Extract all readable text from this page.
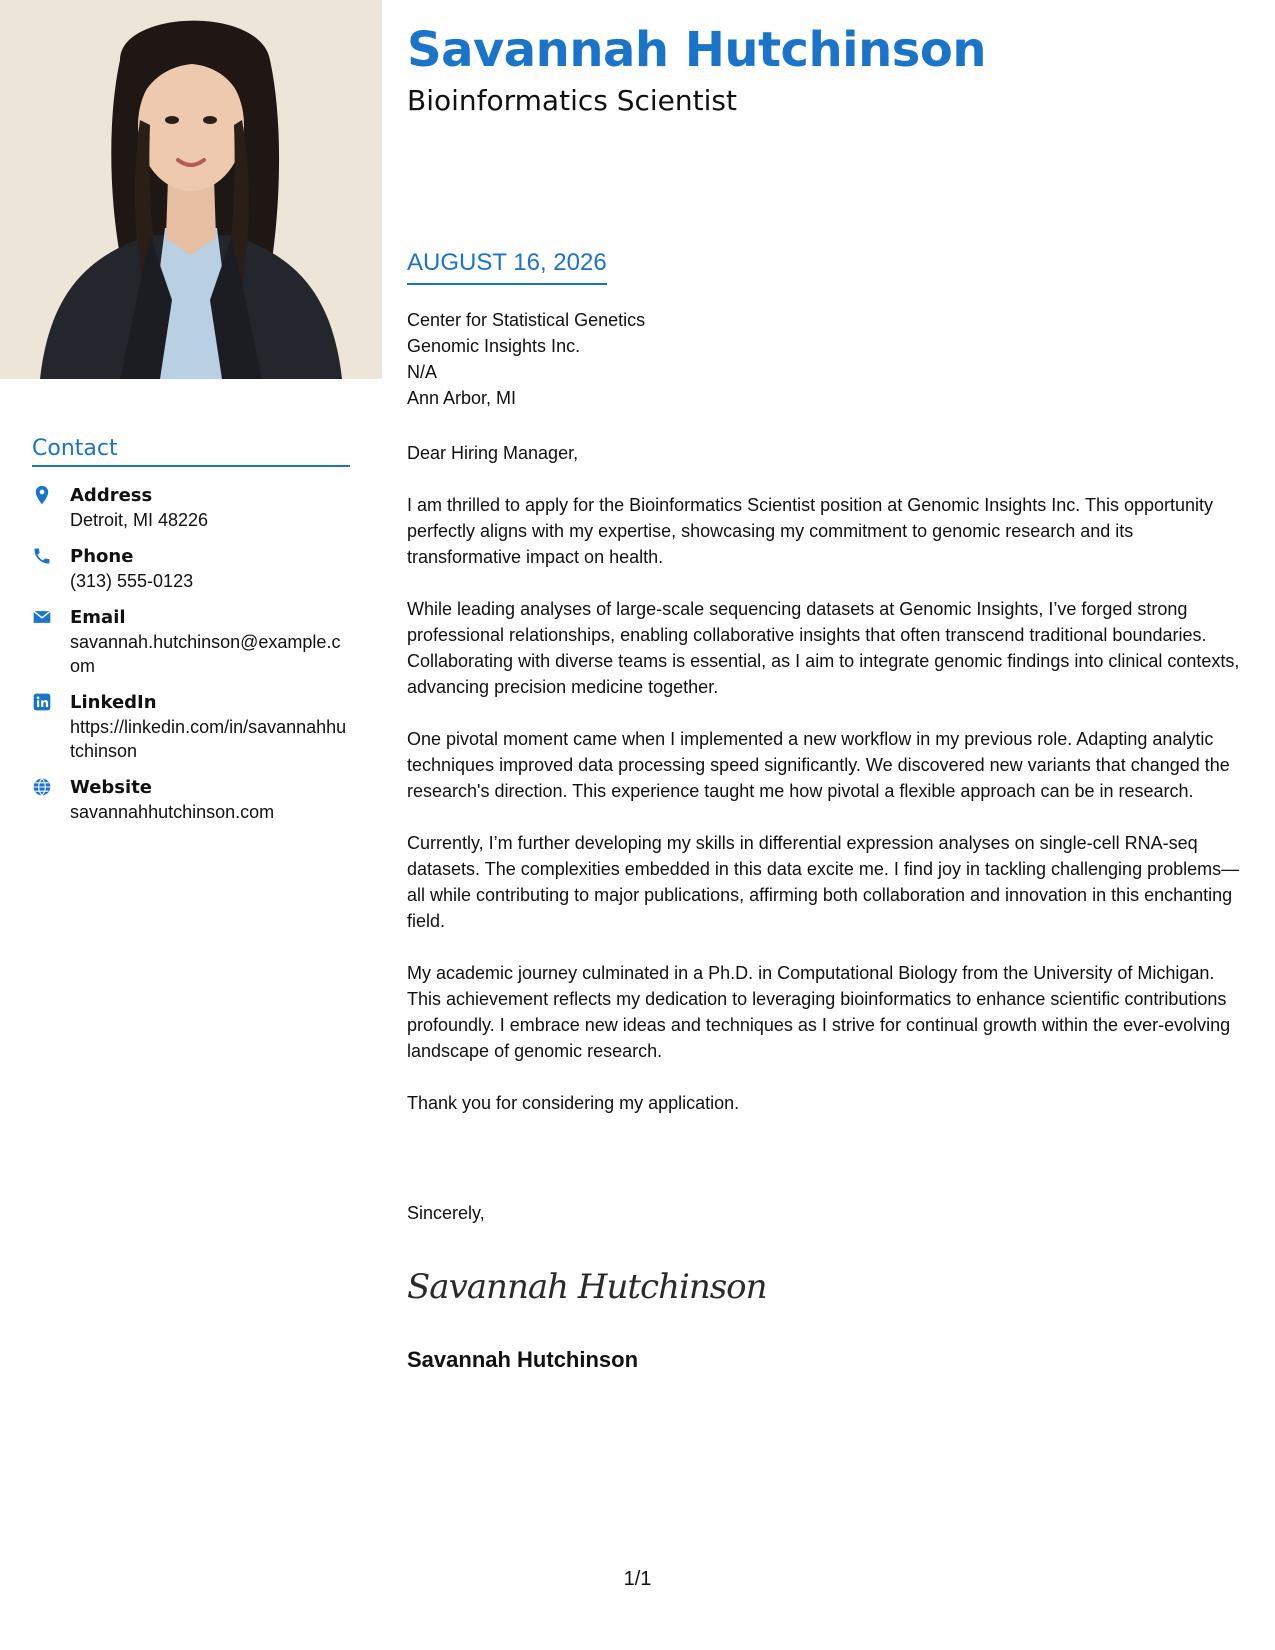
Contact
Address
Detroit, MI 48226
Phone
(313) 555-0123
Email
savannah.hutchinson@example.com
LinkedIn
https://linkedin.com/in/savannahhutchinson
Website
savannahhutchinson.com
Savannah Hutchinson
Bioinformatics Scientist
AUGUST 16, 2026
Center for Statistical Genetics
Genomic Insights Inc.
N/A
Ann Arbor, MI

Dear Hiring Manager,

I am thrilled to apply for the Bioinformatics Scientist position at Genomic Insights Inc. This opportunity perfectly aligns with my expertise, showcasing my commitment to genomic research and its transformative impact on health.

While leading analyses of large-scale sequencing datasets at Genomic Insights, I’ve forged strong professional relationships, enabling collaborative insights that often transcend traditional boundaries. Collaborating with diverse teams is essential, as I aim to integrate genomic findings into clinical contexts, advancing precision medicine together.

One pivotal moment came when I implemented a new workflow in my previous role. Adapting analytic techniques improved data processing speed significantly. We discovered new variants that changed the research's direction. This experience taught me how pivotal a flexible approach can be in research.

Currently, I’m further developing my skills in differential expression analyses on single-cell RNA-seq datasets. The complexities embedded in this data excite me. I find joy in tackling challenging problems—all while contributing to major publications, affirming both collaboration and innovation in this enchanting field.

My academic journey culminated in a Ph.D. in Computational Biology from the University of Michigan. This achievement reflects my dedication to leveraging bioinformatics to enhance scientific contributions profoundly. I embrace new ideas and techniques as I strive for continual growth within the ever-evolving landscape of genomic research.

Thank you for considering my application.

Sincerely,
Savannah Hutchinson
Savannah Hutchinson
1/1
